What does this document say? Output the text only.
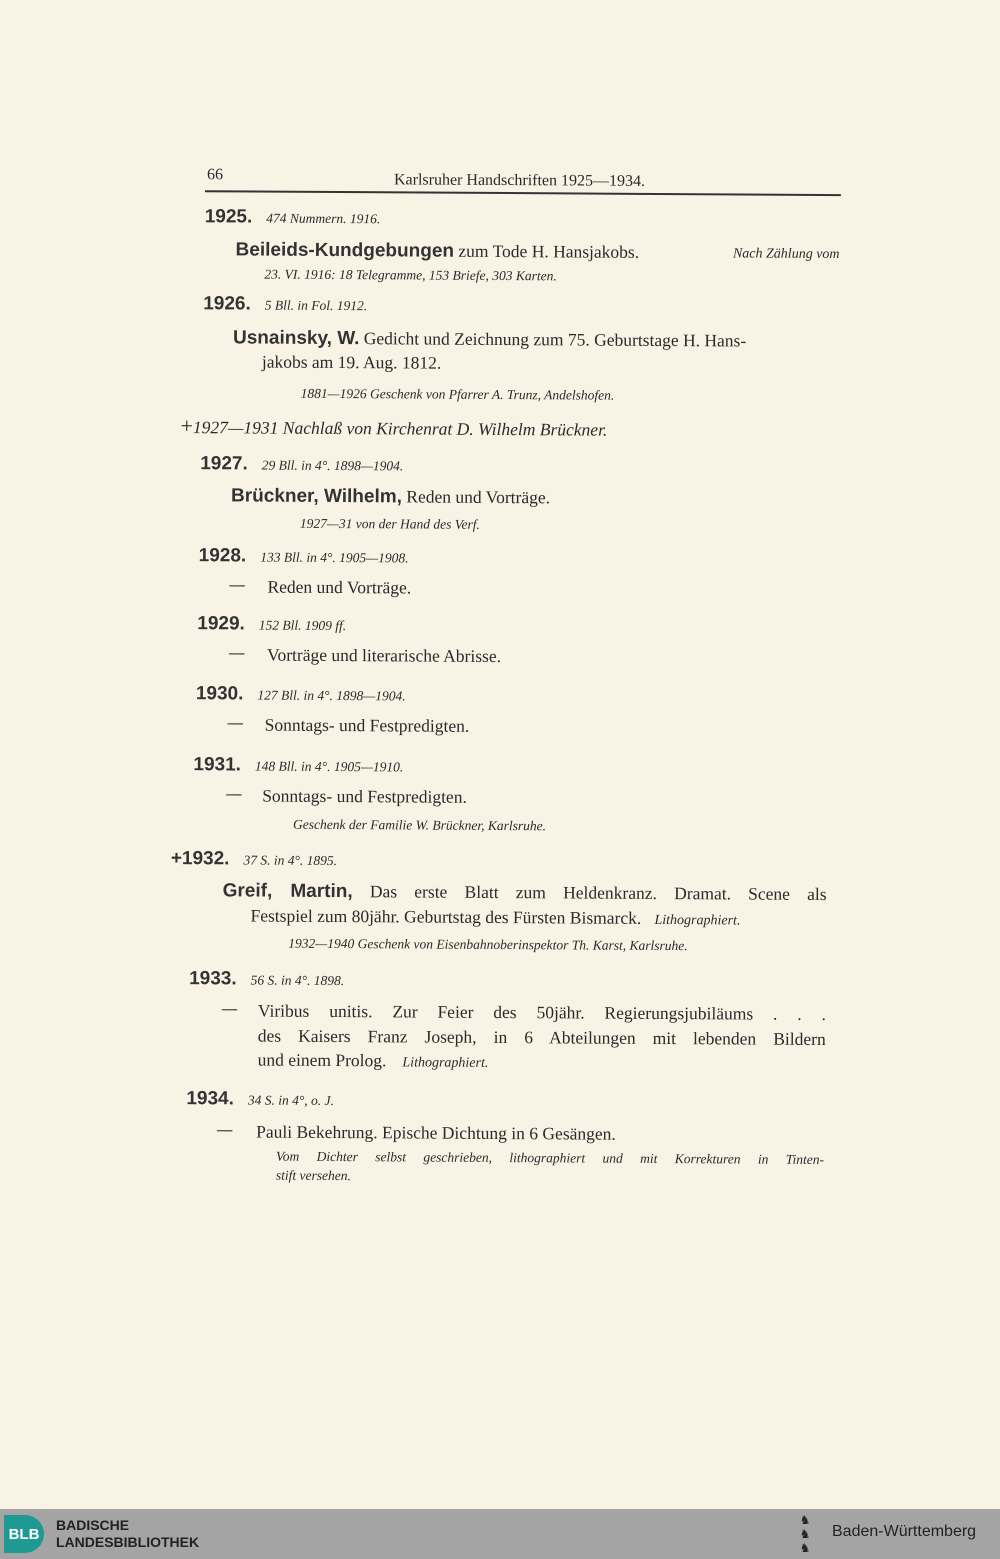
66	Karlsruher Handschriften 1925—1934.
1925. 474 Nummern. 1916.
Beileids-Kundgebungen zum Tode H. Hansjakobs.	Nach Zählung vom
23. VI. 1916: 18 Telegramme, 153 Briefe, 303 Karten.
1926. 5 Bll. in Fol. 1912.
Usnainsky, W. Gedicht und Zeichnung zum 75. Geburtstage H. Hans-
jakobs am 19. Aug. 1812.
1881—1926 Geschenk von Pfarrer A. Trunz, Andelshofen.
+1927—1931 Nachlaß von Kirchenrat D. Wilhelm Brückner.
1927. 29 Bll. in 4°. 1898—1904.
Brückner, Wilhelm, Reden und Vorträge.
1927—31 von der Hand des Verf.
1928. 133 Bll. in 4°. 1905—1908.
— Reden und Vorträge.
1929. 152 Bll. 1909 ff.
— Vorträge und literarische Abrisse.
1930. 127 Bll. in 4°. 1898—1904.
— Sonntags- und Festpredigten.
1931. 148 Bll. in 4°. 1905—1910.
— Sonntags- und Festpredigten.
Geschenk der Familie W. Brückner, Karlsruhe.
+1932. 37 S. in 4°. 1895.
Greif, Martin, Das erste Blatt zum Heldenkranz. Dramat. Scene als
Festspiel zum 80jähr. Geburtstag des Fürsten Bismarck. Lithographiert.
1932—1940 Geschenk von Eisenbahnoberinspektor Th. Karst, Karlsruhe.
1933. 56 S. in 4°. 1898.
— Viribus unitis. Zur Feier des 50jähr. Regierungsjubiläums . . .
des Kaisers Franz Joseph, in 6 Abteilungen mit lebenden Bildern
und einem Prolog. Lithographiert.
1934. 34 S. in 4°, o. J.
— Pauli Bekehrung. Epische Dichtung in 6 Gesängen.
Vom Dichter selbst geschrieben, lithographiert und mit Korrekturen in Tinten-
stift versehen.
BLB
BADISCHE
LANDESBIBLIOTHEK
♞
♞
♞
Baden-Württemberg
